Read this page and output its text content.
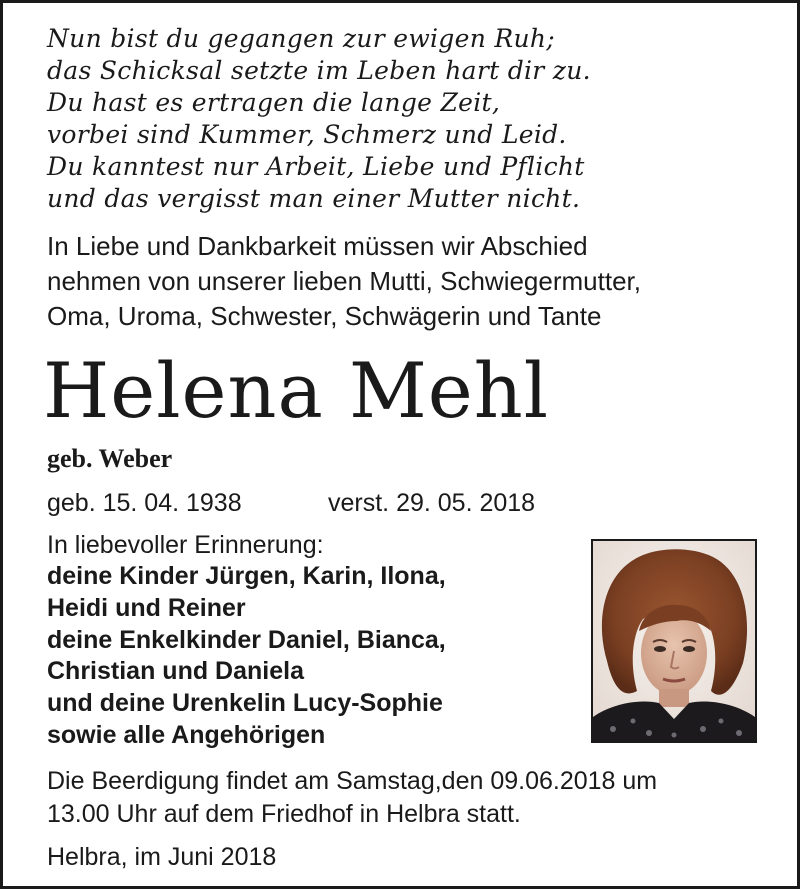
Nun bist du gegangen zur ewigen Ruh;
das Schicksal setzte im Leben hart dir zu.
Du hast es ertragen die lange Zeit,
vorbei sind Kummer, Schmerz und Leid.
Du kanntest nur Arbeit, Liebe und Pflicht
und das vergisst man einer Mutter nicht.
In Liebe und Dankbarkeit müssen wir Abschied
nehmen von unserer lieben Mutti, Schwiegermutter,
Oma, Uroma, Schwester, Schwägerin und Tante
Helena Mehl
geb. Weber
geb. 15. 04. 1938	verst. 29. 05. 2018
In liebevoller Erinnerung:
deine Kinder Jürgen, Karin, Ilona,
Heidi und Reiner
deine Enkelkinder Daniel, Bianca,
Christian und Daniela
und deine Urenkelin Lucy-Sophie
sowie alle Angehörigen
Die Beerdigung findet am Samstag,den 09.06.2018 um
13.00 Uhr auf dem Friedhof in Helbra statt.
Helbra, im Juni 2018
